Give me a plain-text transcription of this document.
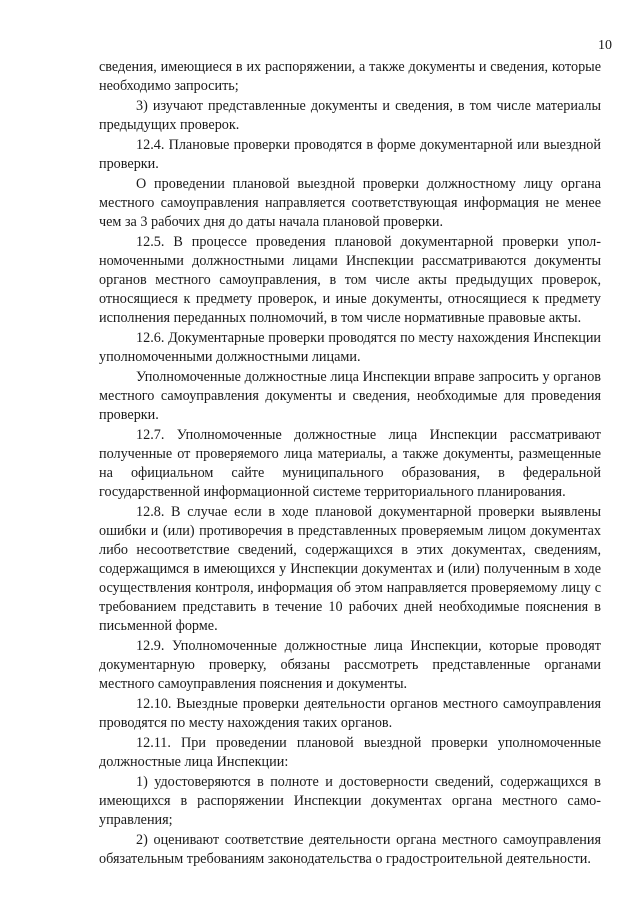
10

сведения, имеющиеся в их распоряжении, а также документы и сведения, которые необходимо запросить;

3) изучают представленные документы и сведения, в том числе материалы предыдущих проверок.

12.4. Плановые проверки проводятся в форме документарной или выездной проверки.

О проведении плановой выездной проверки должностному лицу органа местного самоуправления направляется соответствующая информация не менее чем за 3 рабочих дня до даты начала плановой проверки.

12.5. В процессе проведения плановой документарной проверки уполномоченными должностными лицами Инспекции рассматриваются документы органов местного самоуправления, в том числе акты предыдущих проверок, относящиеся к предмету проверок, и иные документы, относящиеся к предмету исполнения переданных полномочий, в том числе нормативные правовые акты.

12.6. Документарные проверки проводятся по месту нахождения Инспекции уполномоченными должностными лицами.

Уполномоченные должностные лица Инспекции вправе запросить у органов местного самоуправления документы и сведения, необходимые для проведения проверки.

12.7. Уполномоченные должностные лица Инспекции рассматривают полученные от проверяемого лица материалы, а также документы, размещенные на официальном сайте муниципального образования, в федеральной государственной информационной системе территориального планирования.

12.8. В случае если в ходе плановой документарной проверки выявлены ошибки и (или) противоречия в представленных проверяемым лицом документах либо несоответствие сведений, содержащихся в этих документах, сведениям, содержащимся в имеющихся у Инспекции документах и (или) полученным в ходе осуществления контроля, информация об этом направляется проверяемому лицу с требованием представить в течение 10 рабочих дней необходимые пояснения в письменной форме.

12.9. Уполномоченные должностные лица Инспекции, которые проводят документарную проверку, обязаны рассмотреть представленные органами местного самоуправления пояснения и документы.

12.10. Выездные проверки деятельности органов местного самоуправления проводятся по месту нахождения таких органов.

12.11. При проведении плановой выездной проверки уполномоченные должностные лица Инспекции:

1) удостоверяются в полноте и достоверности сведений, содержащихся в имеющихся в распоряжении Инспекции документах органа местного самоуправления;

2) оценивают соответствие деятельности органа местного самоуправления обязательным требованиям законодательства о градостроительной деятельности.
